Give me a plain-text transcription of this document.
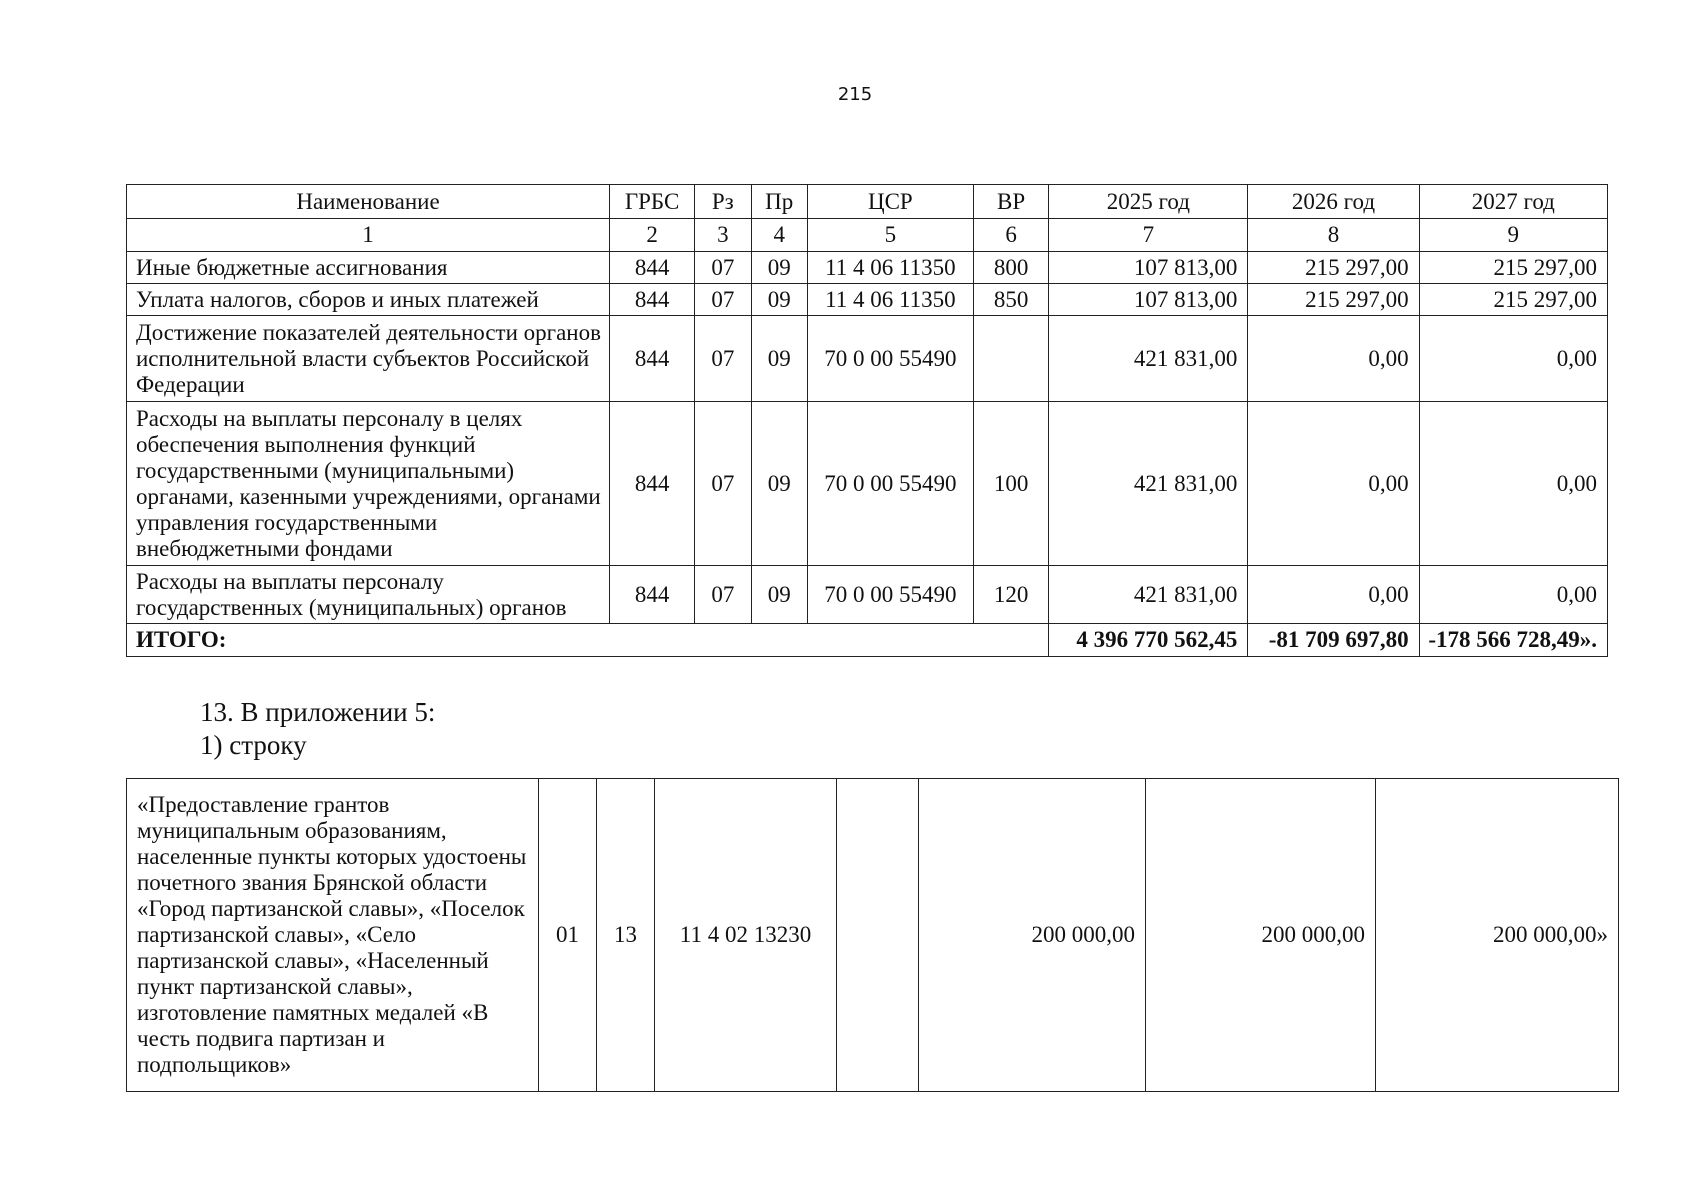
215
Наименование	ГРБС	Рз	Пр	ЦСР	ВР	2025 год	2026 год	2027 год
1	2	3	4	5	6	7	8	9
Иные бюджетные ассигнования	844	07	09	11 4 06 11350	800	107 813,00	215 297,00	215 297,00
Уплата налогов, сборов и иных платежей	844	07	09	11 4 06 11350	850	107 813,00	215 297,00	215 297,00
Достижение показателей деятельности органов исполнительной власти субъектов Российской Федерации	844	07	09	70 0 00 55490		421 831,00	0,00	0,00
Расходы на выплаты персоналу в целях обеспечения выполнения функций государственными (муниципальными) органами, казенными учреждениями, органами управления государственными внебюджетными фондами	844	07	09	70 0 00 55490	100	421 831,00	0,00	0,00
Расходы на выплаты персоналу государственных (муниципальных) органов	844	07	09	70 0 00 55490	120	421 831,00	0,00	0,00
ИТОГО:						4 396 770 562,45	-81 709 697,80	-178 566 728,49».
13. В приложении 5:
1) строку
«Предоставление грантов муниципальным образованиям, населенные пункты которых удостоены почетного звания Брянской области «Город партизанской славы», «Поселок партизанской славы», «Село партизанской славы», «Населенный пункт партизанской славы», изготовление памятных медалей «В честь подвига партизан и подпольщиков»	01	13	11 4 02 13230		200 000,00	200 000,00	200 000,00»
